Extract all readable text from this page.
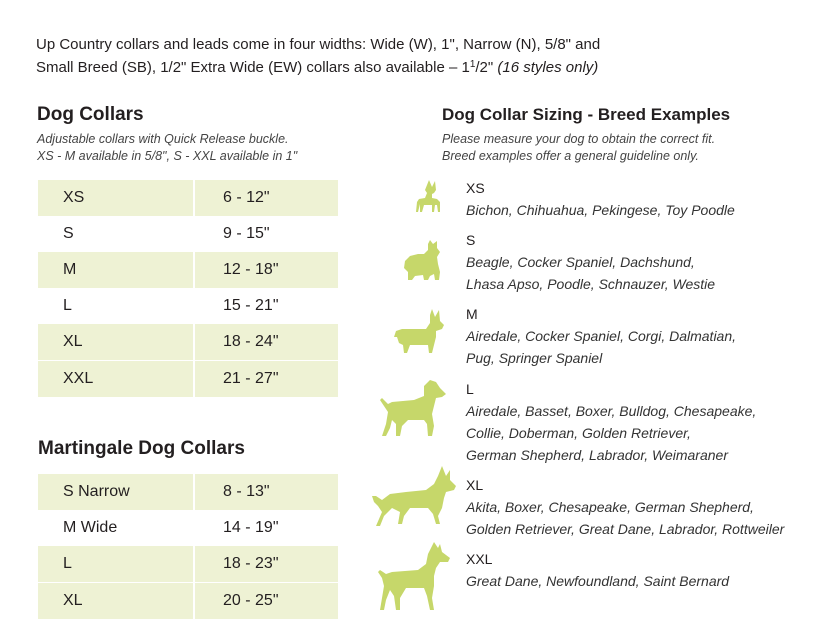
Up Country collars and leads come in four widths: Wide (W), 1", Narrow (N), 5/8" and
Small Breed (SB), 1/2" Extra Wide (EW) collars also available – $1^1/2$" (16 styles only)
Dog Collars
Adjustable collars with Quick Release buckle.
XS - M available in 5/8", S - XXL available in 1"
XS	6 - 12"
S	9 - 15"
M	12 - 18"
L	15 - 21"
XL	18 - 24"
XXL	21 - 27"
Martingale Dog Collars
S Narrow	8 - 13"
M Wide	14 - 19"
L	18 - 23"
XL	20 - 25"
Dog Collar Sizing - Breed Examples
Please measure your dog to obtain the correct fit.
Breed examples offer a general guideline only.
XS
Bichon, Chihuahua, Pekingese, Toy Poodle
S
Beagle, Cocker Spaniel, Dachshund,
Lhasa Apso, Poodle, Schnauzer, Westie
M
Airedale, Cocker Spaniel, Corgi, Dalmatian,
Pug, Springer Spaniel
L
Airedale, Basset, Boxer, Bulldog, Chesapeake,
Collie, Doberman, Golden Retriever,
German Shepherd, Labrador, Weimaraner
XL
Akita, Boxer, Chesapeake, German Shepherd,
Golden Retriever, Great Dane, Labrador, Rottweiler
XXL
Great Dane, Newfoundland, Saint Bernard
